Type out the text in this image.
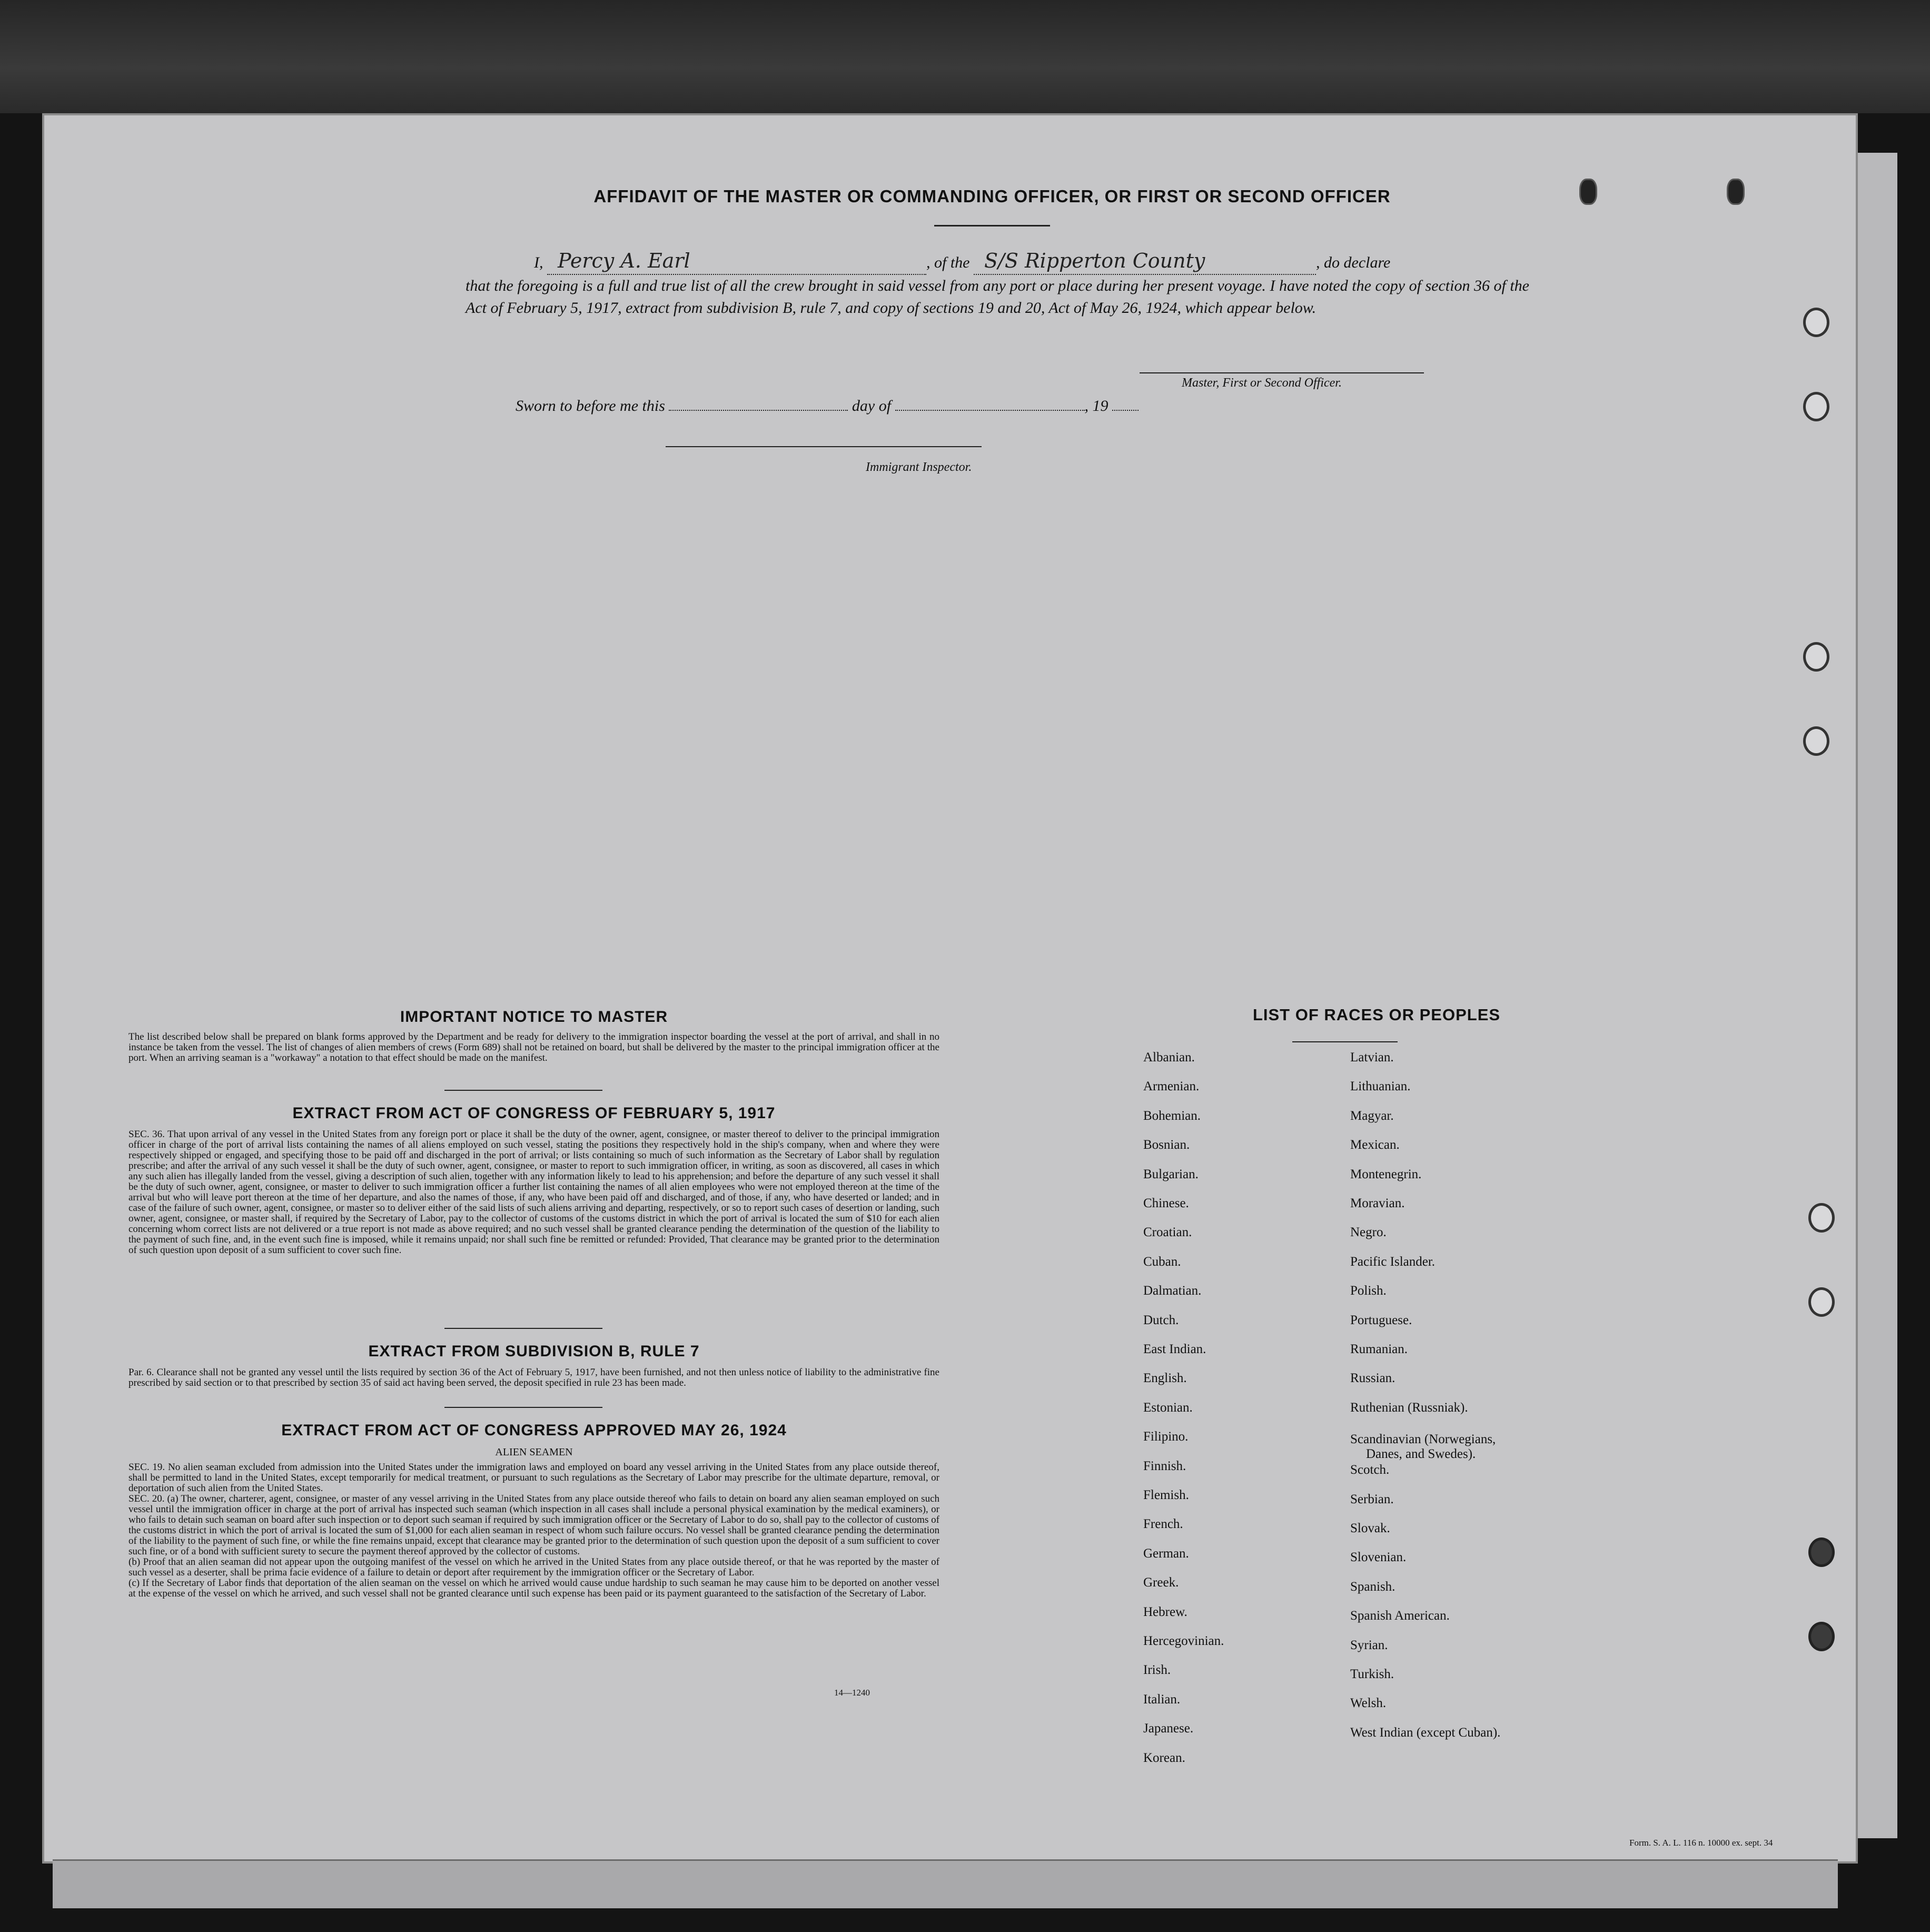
AFFIDAVIT OF THE MASTER OR COMMANDING OFFICER, OR FIRST OR SECOND OFFICER
I, Percy A. Earl	, of the S/S Ripperton County	, do declare
that the foregoing is a full and true list of all the crew brought in said vessel from any port or place during her present voyage. I have noted the copy of section 36 of the Act of February 5, 1917, extract from subdivision B, rule 7, and copy of sections 19 and 20, Act of May 26, 1924, which appear below.
Master, First or Second Officer.
Sworn to before me this	day of	, 19
Immigrant Inspector.
IMPORTANT NOTICE TO MASTER
The list described below shall be prepared on blank forms approved by the Department and be ready for delivery to the immigration inspector boarding the vessel at the port of arrival, and shall in no instance be taken from the vessel. The list of changes of alien members of crews (Form 689) shall not be retained on board, but shall be delivered by the master to the principal immigration officer at the port. When an arriving seaman is a "workaway" a notation to that effect should be made on the manifest.
EXTRACT FROM ACT OF CONGRESS OF FEBRUARY 5, 1917
SEC. 36. That upon arrival of any vessel in the United States from any foreign port or place it shall be the duty of the owner, agent, consignee, or master thereof to deliver to the principal immigration officer in charge of the port of arrival lists containing the names of all aliens employed on such vessel, stating the positions they respectively hold in the ship's company, when and where they were respectively shipped or engaged, and specifying those to be paid off and discharged in the port of arrival; or lists containing so much of such information as the Secretary of Labor shall by regulation prescribe; and after the arrival of any such vessel it shall be the duty of such owner, agent, consignee, or master to report to such immigration officer, in writing, as soon as discovered, all cases in which any such alien has illegally landed from the vessel, giving a description of such alien, together with any information likely to lead to his apprehension; and before the departure of any such vessel it shall be the duty of such owner, agent, consignee, or master to deliver to such immigration officer a further list containing the names of all alien employees who were not employed thereon at the time of the arrival but who will leave port thereon at the time of her departure, and also the names of those, if any, who have been paid off and discharged, and of those, if any, who have deserted or landed; and in case of the failure of such owner, agent, consignee, or master so to deliver either of the said lists of such aliens arriving and departing, respectively, or so to report such cases of desertion or landing, such owner, agent, consignee, or master shall, if required by the Secretary of Labor, pay to the collector of customs of the customs district in which the port of arrival is located the sum of $10 for each alien concerning whom correct lists are not delivered or a true report is not made as above required; and no such vessel shall be granted clearance pending the determination of the question of the liability to the payment of such fine, and, in the event such fine is imposed, while it remains unpaid; nor shall such fine be remitted or refunded: Provided, That clearance may be granted prior to the determination of such question upon deposit of a sum sufficient to cover such fine.
EXTRACT FROM SUBDIVISION B, RULE 7
Par. 6. Clearance shall not be granted any vessel until the lists required by section 36 of the Act of February 5, 1917, have been furnished, and not then unless notice of liability to the administrative fine prescribed by said section or to that prescribed by section 35 of said act having been served, the deposit specified in rule 23 has been made.
EXTRACT FROM ACT OF CONGRESS APPROVED MAY 26, 1924
ALIEN SEAMEN
SEC. 19. No alien seaman excluded from admission into the United States under the immigration laws and employed on board any vessel arriving in the United States from any place outside thereof, shall be permitted to land in the United States, except temporarily for medical treatment, or pursuant to such regulations as the Secretary of Labor may prescribe for the ultimate departure, removal, or deportation of such alien from the United States.
SEC. 20. (a) The owner, charterer, agent, consignee, or master of any vessel arriving in the United States from any place outside thereof who fails to detain on board any alien seaman employed on such vessel until the immigration officer in charge at the port of arrival has inspected such seaman (which inspection in all cases shall include a personal physical examination by the medical examiners), or who fails to detain such seaman on board after such inspection or to deport such seaman if required by such immigration officer or the Secretary of Labor to do so, shall pay to the collector of customs of the customs district in which the port of arrival is located the sum of $1,000 for each alien seaman in respect of whom such failure occurs. No vessel shall be granted clearance pending the determination of the liability to the payment of such fine, or while the fine remains unpaid, except that clearance may be granted prior to the determination of such question upon the deposit of a sum sufficient to cover such fine, or of a bond with sufficient surety to secure the payment thereof approved by the collector of customs.
(b) Proof that an alien seaman did not appear upon the outgoing manifest of the vessel on which he arrived in the United States from any place outside thereof, or that he was reported by the master of such vessel as a deserter, shall be prima facie evidence of a failure to detain or deport after requirement by the immigration officer or the Secretary of Labor.
(c) If the Secretary of Labor finds that deportation of the alien seaman on the vessel on which he arrived would cause undue hardship to such seaman he may cause him to be deported on another vessel at the expense of the vessel on which he arrived, and such vessel shall not be granted clearance until such expense has been paid or its payment guaranteed to the satisfaction of the Secretary of Labor.
14—1240
LIST OF RACES OR PEOPLES
Form. S. A. L. 116 n. 10000 ex. sept. 34
Albanian.
Armenian.
Bohemian.
Bosnian.
Bulgarian.
Chinese.
Croatian.
Cuban.
Dalmatian.
Dutch.
East Indian.
English.
Estonian.
Filipino.
Finnish.
Flemish.
French.
German.
Greek.
Hebrew.
Hercegovinian.
Irish.
Italian.
Japanese.
Korean.
Latvian.
Lithuanian.
Magyar.
Mexican.
Montenegrin.
Moravian.
Negro.
Pacific Islander.
Polish.
Portuguese.
Rumanian.
Russian.
Ruthenian (Russniak).
Scandinavian (Norwegians,
Danes, and Swedes).
Scotch.
Serbian.
Slovak.
Slovenian.
Spanish.
Spanish American.
Syrian.
Turkish.
Welsh.
West Indian (except Cuban).
